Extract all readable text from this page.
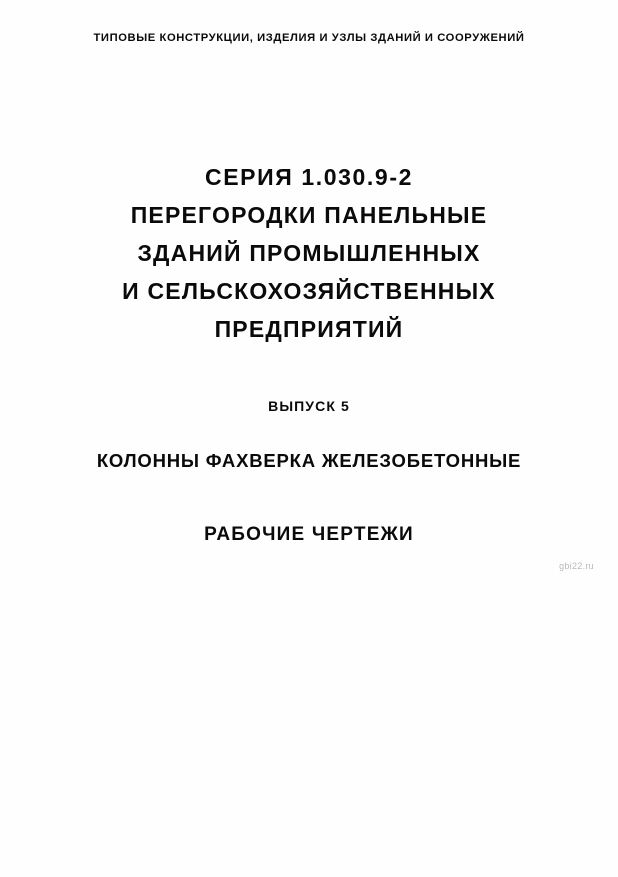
ТИПОВЫЕ КОНСТРУКЦИИ, ИЗДЕЛИЯ И УЗЛЫ ЗДАНИЙ И СООРУЖЕНИЙ
СЕРИЯ 1.030.9-2
ПЕРЕГОРОДКИ ПАНЕЛЬНЫЕ
ЗДАНИЙ ПРОМЫШЛЕННЫХ
И СЕЛЬСКОХОЗЯЙСТВЕННЫХ
ПРЕДПРИЯТИЙ
ВЫПУСК 5
КОЛОННЫ ФАХВЕРКА ЖЕЛЕЗОБЕТОННЫЕ
РАБОЧИЕ ЧЕРТЕЖИ
gbi22.ru
